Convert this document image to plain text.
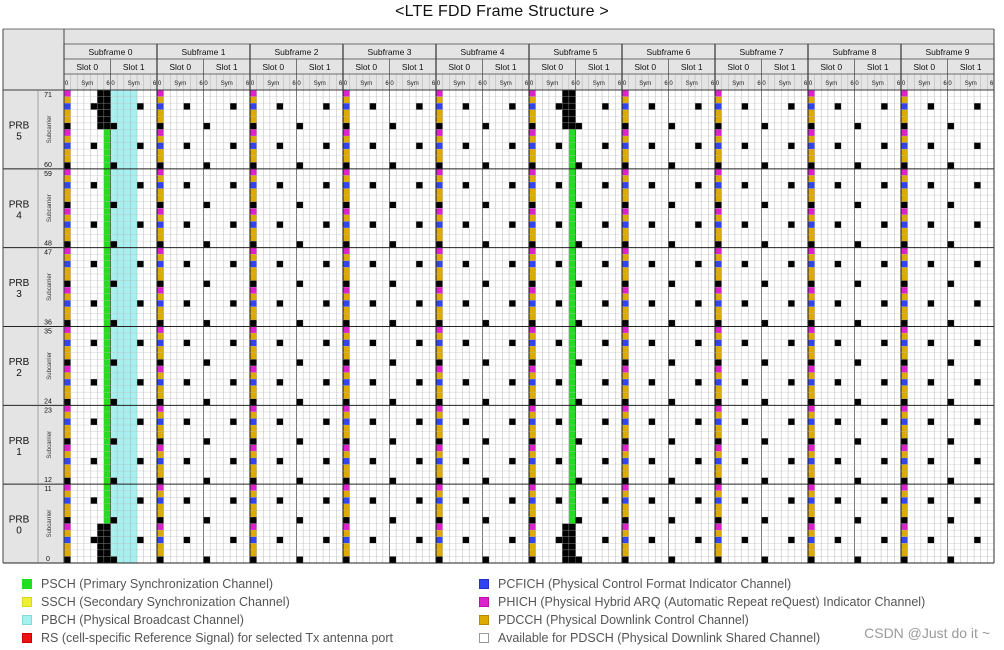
<LTE FDD Frame Structure >
Subframe 0
Slot 0
0 Sym 6
Slot 1
0 Sym 6
Subframe 1
Slot 0
0 Sym 6
Slot 1
0 Sym 6
Subframe 2
Slot 0
0 Sym 6
Slot 1
0 Sym 6
Subframe 3
Slot 0
0 Sym 6
Slot 1
0 Sym 6
Subframe 4
Slot 0
0 Sym 6
Slot 1
0 Sym 6
Subframe 5
Slot 0
0 Sym 6
Slot 1
0 Sym 6
Subframe 6
Slot 0
0 Sym 6
Slot 1
0 Sym 6
Subframe 7
Slot 0
0 Sym 6
Slot 1
0 Sym 6
Subframe 8
Slot 0
0 Sym 6
Slot 1
0 Sym 6
Subframe 9
Slot 0
0 Sym 6
Slot 1
0 Sym 6
PRB
5
71
60
Subcarrier
PRB
4
59
48
Subcarrier
PRB
3
47
36
Subcarrier
PRB
2
35
24
Subcarrier
PRB
1
23
12
Subcarrier
PRB
0
11
0
Subcarrier
PSCH (Primary Synchronization Channel)
SSCH (Secondary Synchronization Channel)
PBCH (Physical Broadcast Channel)
RS (cell-specific Reference Signal) for selected Tx antenna port
PCFICH (Physical Control Format Indicator Channel)
PHICH (Physical Hybrid ARQ (Automatic Repeat reQuest) Indicator Channel)
PDCCH (Physical Downlink Control Channel)
Available for PDSCH (Physical Downlink Shared Channel)	CSDN @Just do it ~
